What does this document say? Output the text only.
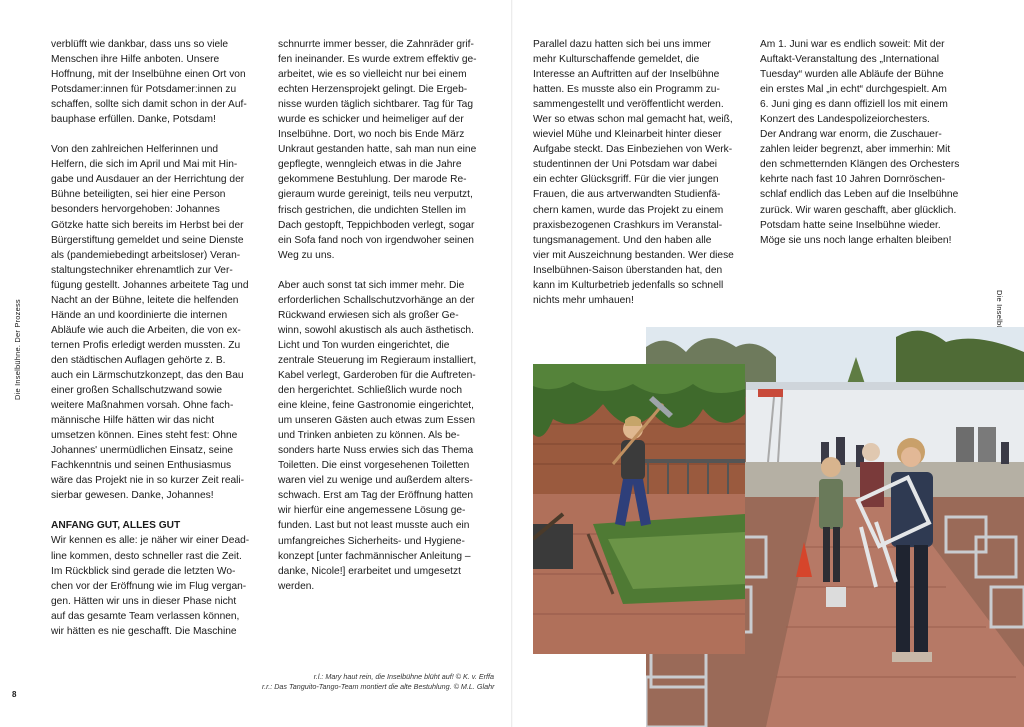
verblüfft wie dankbar, dass uns so viele
Menschen ihre Hilfe anboten. Unsere
Hoffnung, mit der Inselbühne einen Ort von
Potsdamer:innen für Potsdamer:innen zu
schaffen, sollte sich damit schon in der Auf-
bauphase erfüllen. Danke, Potsdam!

Von den zahlreichen Helferinnen und
Helfern, die sich im April und Mai mit Hin-
gabe und Ausdauer an der Herrichtung der
Bühne beteiligten, sei hier eine Person
besonders hervorgehoben: Johannes
Götzke hatte sich bereits im Herbst bei der
Bürgerstiftung gemeldet und seine Dienste
als (pandemiebedingt arbeitsloser) Veran-
staltungstechniker ehrenamtlich zur Ver-
fügung gestellt. Johannes arbeitete Tag und
Nacht an der Bühne, leitete die helfenden
Hände an und koordinierte die internen
Abläufe wie auch die Arbeiten, die von ex-
ternen Profis erledigt werden mussten. Zu
den städtischen Auflagen gehörte z. B.
auch ein Lärmschutzkonzept, das den Bau
einer großen Schallschutzwand sowie
weitere Maßnahmen vorsah. Ohne fach-
männische Hilfe hätten wir das nicht
umsetzen können. Eines steht fest: Ohne
Johannes' unermüdlichen Einsatz, seine
Fachkenntnis und seinen Enthusiasmus
wäre das Projekt nie in so kurzer Zeit reali-
sierbar gewesen. Danke, Johannes!

ANFANG GUT, ALLES GUT

Wir kennen es alle: je näher wir einer Dead-
line kommen, desto schneller rast die Zeit.
Im Rückblick sind gerade die letzten Wo-
chen vor der Eröffnung wie im Flug vergan-
gen. Hätten wir uns in dieser Phase nicht
auf das gesamte Team verlassen können,
wir hätten es nie geschafft. Die Maschine

schnurrte immer besser, die Zahnräder grif-
fen ineinander. Es wurde extrem effektiv ge-
arbeitet, wie es so vielleicht nur bei einem
echten Herzensprojekt gelingt. Die Ergeb-
nisse wurden täglich sichtbarer. Tag für Tag
wurde es schicker und heimeliger auf der
Inselbühne. Dort, wo noch bis Ende März
Unkraut gestanden hatte, sah man nun eine
gepflegte, wenngleich etwas in die Jahre
gekommene Bestuhlung. Der marode Re-
gieraum wurde gereinigt, teils neu verputzt,
frisch gestrichen, die undichten Stellen im
Dach gestopft, Teppichboden verlegt, sogar
ein Sofa fand noch von irgendwoher seinen
Weg zu uns.

Aber auch sonst tat sich immer mehr. Die
erforderlichen Schallschutzvorhänge an der
Rückwand erwiesen sich als großer Ge-
winn, sowohl akustisch als auch ästhetisch.
Licht und Ton wurden eingerichtet, die
zentrale Steuerung im Regieraum installiert,
Kabel verlegt, Garderoben für die Auftreten-
den hergerichtet. Schließlich wurde noch
eine kleine, feine Gastronomie eingerichtet,
um unseren Gästen auch etwas zum Essen
und Trinken anbieten zu können. Als be-
sonders harte Nuss erwies sich das Thema
Toiletten. Die einst vorgesehenen Toiletten
waren viel zu wenige und außerdem alters-
schwach. Erst am Tag der Eröffnung hatten
wir hierfür eine angemessene Lösung ge-
funden. Last but not least musste auch ein
umfangreiches Sicherheits- und Hygiene-
konzept [unter fachmännischer Anleitung –
danke, Nicole!] erarbeitet und umgesetzt
werden.

Die Inselbühne. Der Prozess
8
r.l.: Mary haut rein, die Inselbühne blüht auf! © K. v. Erffa
r.r.: Das Tanguito-Tango-Team montiert die alte Bestuhlung. © M.L. Glahr

Parallel dazu hatten sich bei uns immer
mehr Kulturschaffende gemeldet, die
Interesse an Auftritten auf der Inselbühne
hatten. Es musste also ein Programm zu-
sammengestellt und veröffentlicht werden.
Wer so etwas schon mal gemacht hat, weiß,
wieviel Mühe und Kleinarbeit hinter dieser
Aufgabe steckt. Das Einbeziehen von Werk-
studentinnen der Uni Potsdam war dabei
ein echter Glücksgriff. Für die vier jungen
Frauen, die aus artverwandten Studienfä-
chern kamen, wurde das Projekt zu einem
praxisbezogenen Crashkurs im Veranstal-
tungsmanagement. Und den haben alle
vier mit Auszeichnung bestanden. Wer diese
Inselbühnen-Saison überstanden hat, den
kann im Kulturbetrieb jedenfalls so schnell
nichts mehr umhauen!

Am 1. Juni war es endlich soweit: Mit der
Auftakt-Veranstaltung des „International
Tuesday“ wurden alle Abläufe der Bühne
ein erstes Mal „in echt“ durchgespielt. Am
6. Juni ging es dann offiziell los mit einem
Konzert des Landespolizeiorchesters.
Der Andrang war enorm, die Zuschauer-
zahlen leider begrenzt, aber immerhin: Mit
den schmetternden Klängen des Orchesters
kehrte nach fast 10 Jahren Dornröschen-
schlaf endlich das Leben auf die Inselbühne
zurück. Wir waren geschafft, aber glücklich.
Potsdam hatte seine Inselbühne wieder.
Möge sie uns noch lange erhalten bleiben!
